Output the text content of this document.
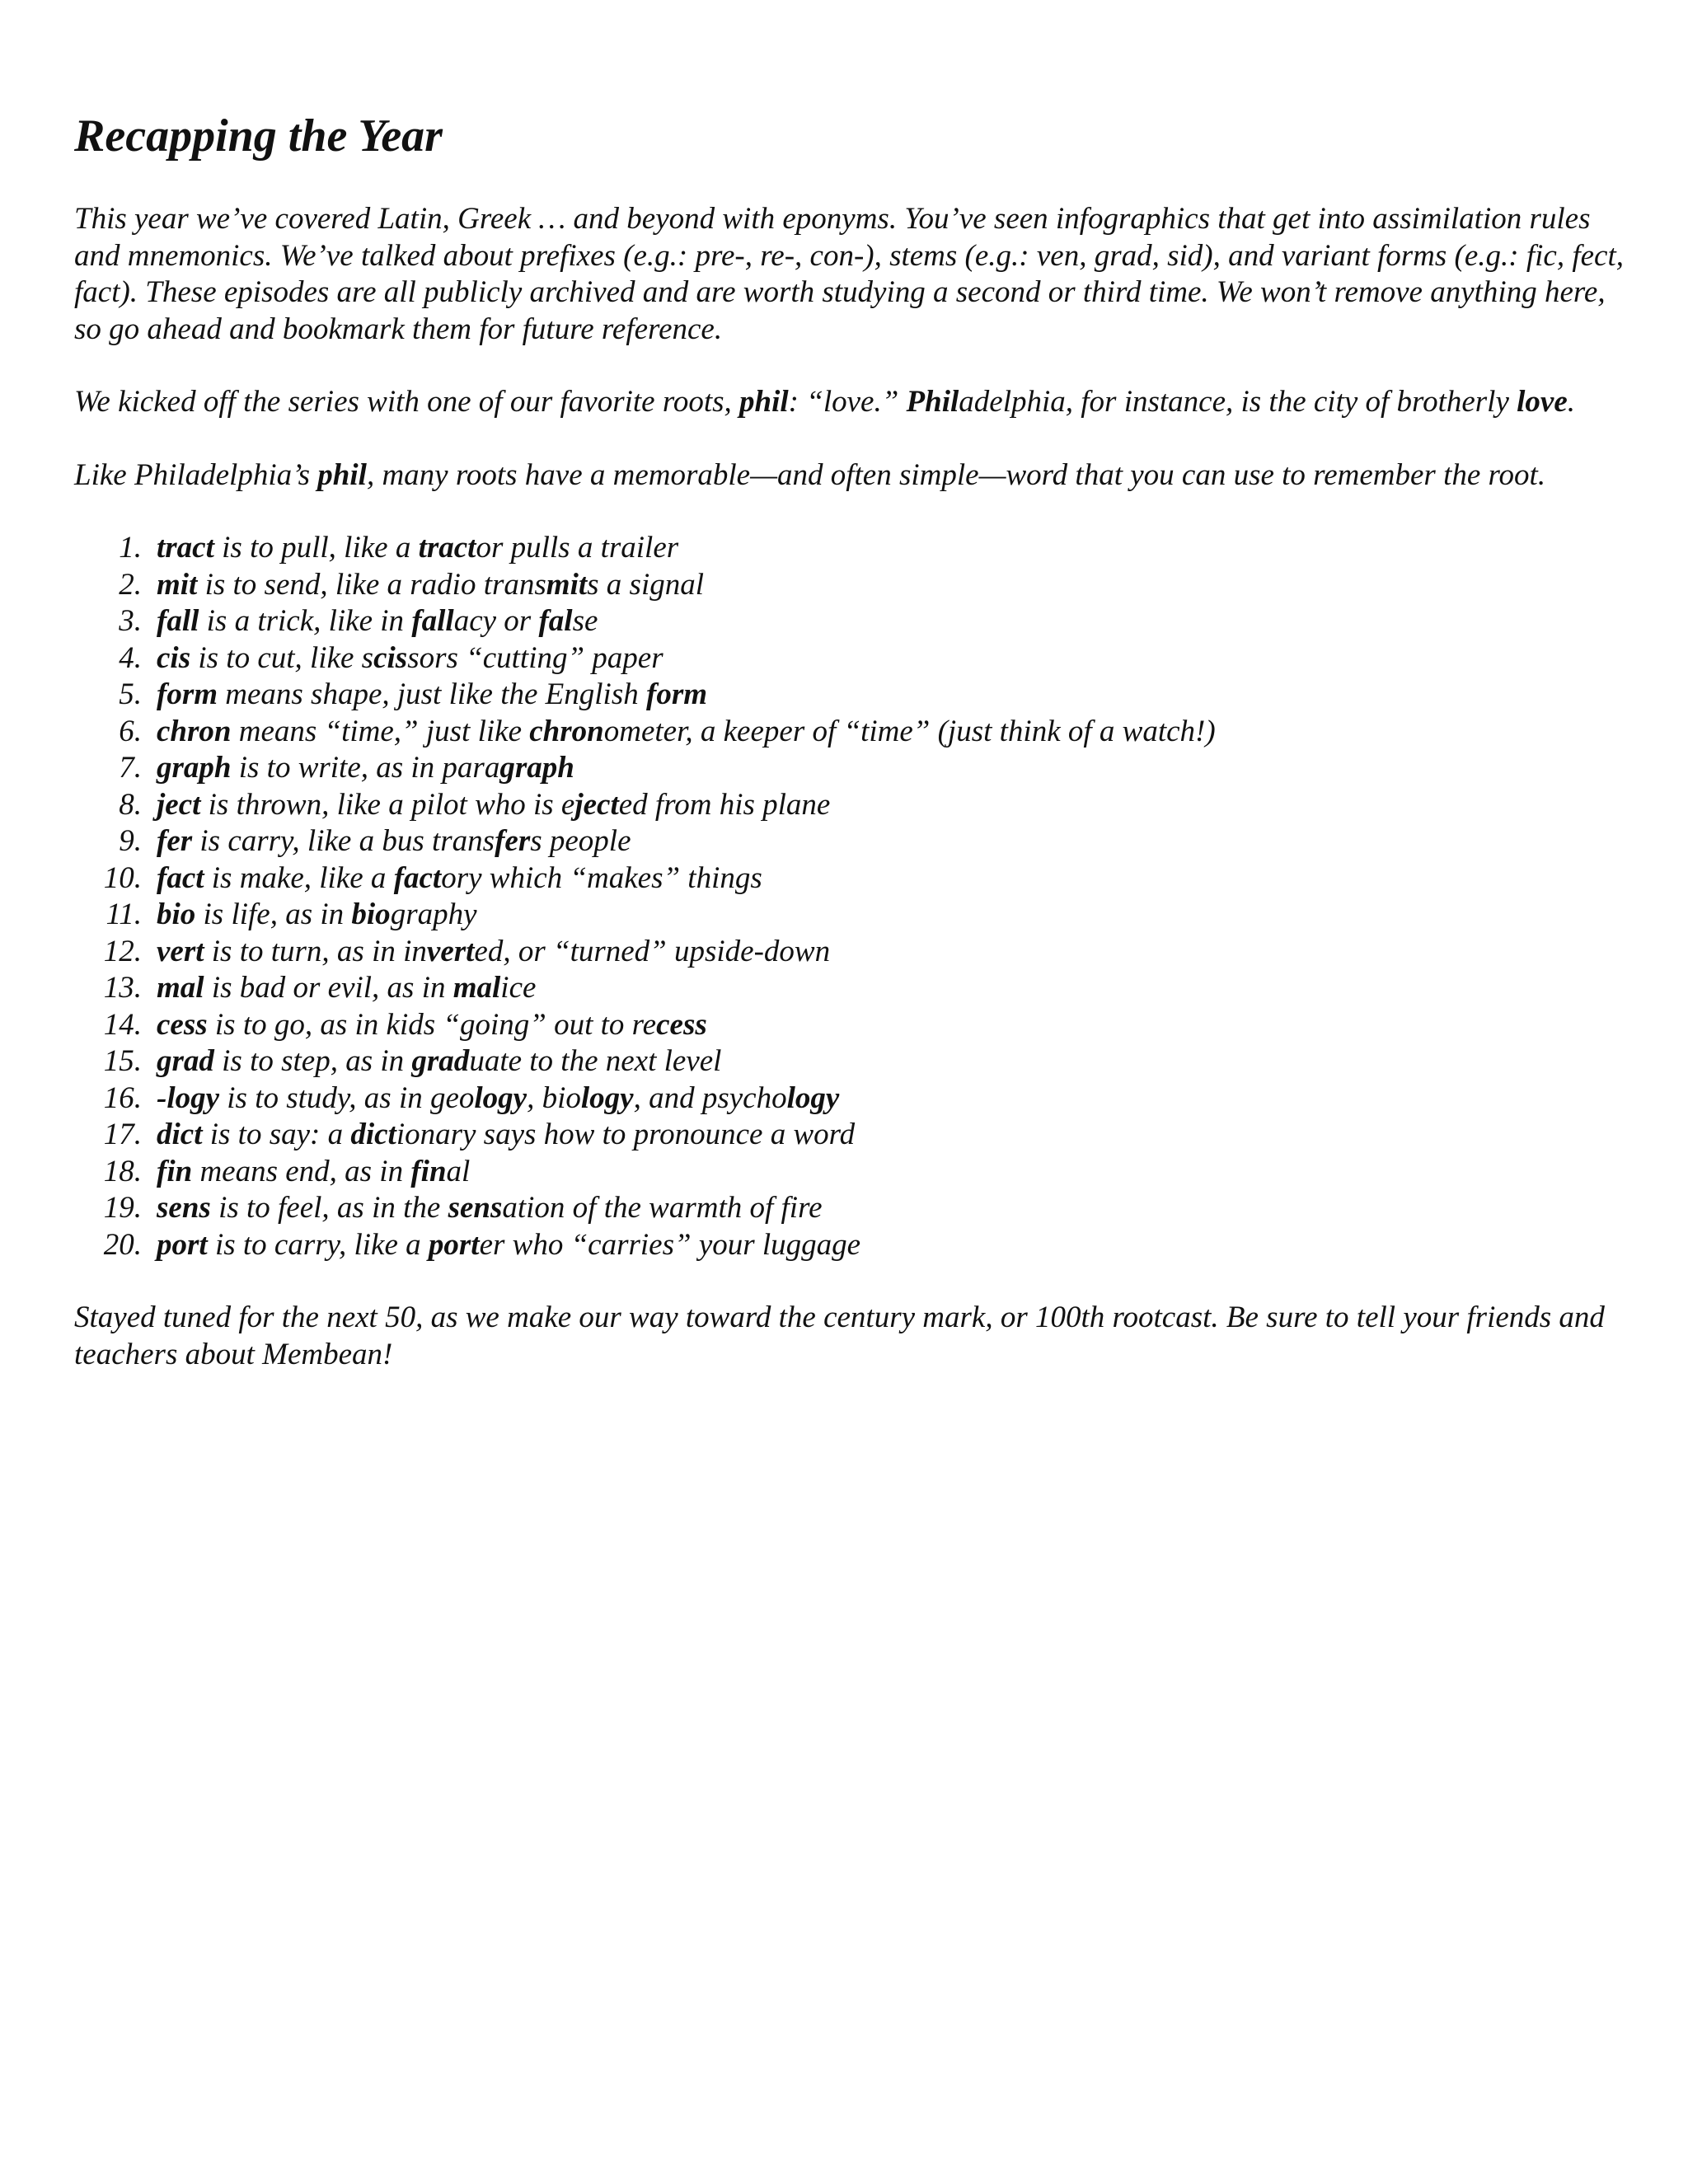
Recapping the Year

This year we’ve covered Latin, Greek … and beyond with eponyms. You’ve seen infographics that get into assimilation rules and mnemonics. We’ve talked about prefixes (e.g.: pre-, re-, con-), stems (e.g.: ven, grad, sid), and variant forms (e.g.: fic, fect, fact). These episodes are all publicly archived and are worth studying a second or third time. We won’t remove anything here, so go ahead and bookmark them for future reference.

We kicked off the series with one of our favorite roots, phil: “love.” Philadelphia, for instance, is the city of brotherly love.

Like Philadelphia’s phil, many roots have a memorable—and often simple—word that you can use to remember the root.

1. tract is to pull, like a tractor pulls a trailer
2. mit is to send, like a radio transmits a signal
3. fall is a trick, like in fallacy or false
4. cis is to cut, like scissors “cutting” paper
5. form means shape, just like the English form
6. chron means “time,” just like chronometer, a keeper of “time” (just think of a watch!)
7. graph is to write, as in paragraph
8. ject is thrown, like a pilot who is ejected from his plane
9. fer is carry, like a bus transfers people
10. fact is make, like a factory which “makes” things
11. bio is life, as in biography
12. vert is to turn, as in inverted, or “turned” upside-down
13. mal is bad or evil, as in malice
14. cess is to go, as in kids “going” out to recess
15. grad is to step, as in graduate to the next level
16. -logy is to study, as in geology, biology, and psychology
17. dict is to say: a dictionary says how to pronounce a word
18. fin means end, as in final
19. sens is to feel, as in the sensation of the warmth of fire
20. port is to carry, like a porter who “carries” your luggage

Stayed tuned for the next 50, as we make our way toward the century mark, or 100th rootcast. Be sure to tell your friends and teachers about Membean!
